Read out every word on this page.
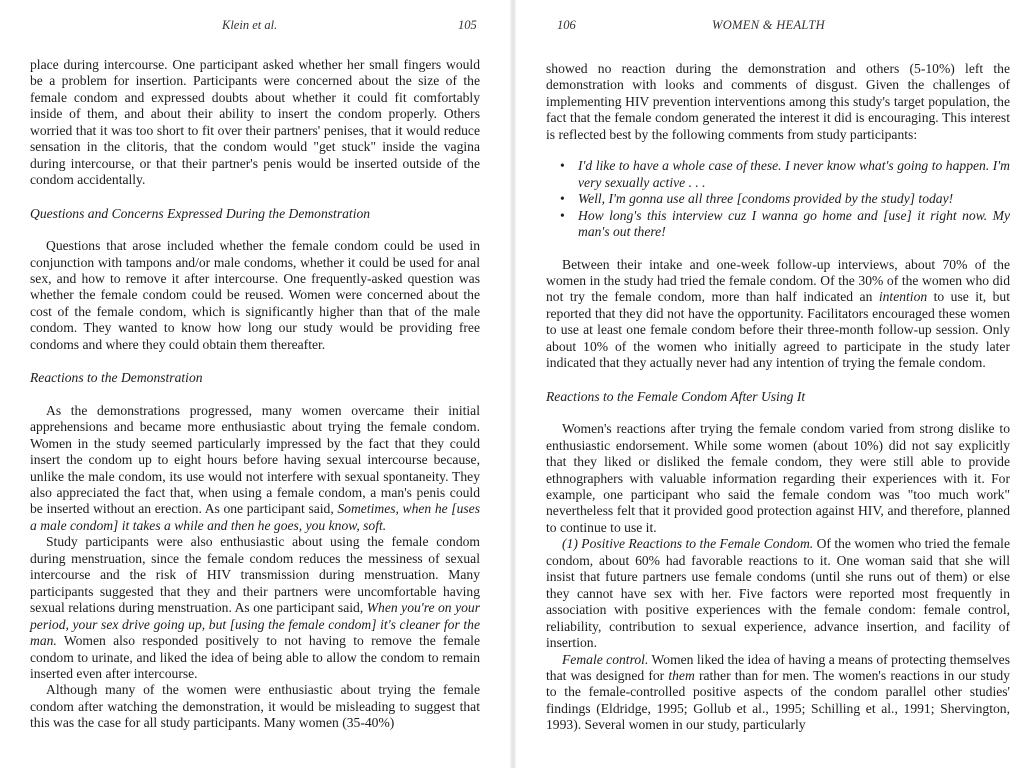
Klein et al.	105

place during intercourse. One participant asked whether her small fingers would be a problem for insertion. Participants were concerned about the size of the female condom and expressed doubts about whether it could fit comfortably inside of them, and about their ability to insert the condom properly. Others worried that it was too short to fit over their partners' penises, that it would reduce sensation in the clitoris, that the condom would "get stuck" inside the vagina during intercourse, or that their partner's penis would be inserted outside of the condom accidentally.

Questions and Concerns Expressed During the Demonstration

Questions that arose included whether the female condom could be used in conjunction with tampons and/or male condoms, whether it could be used for anal sex, and how to remove it after intercourse. One frequently-asked question was whether the female condom could be reused. Women were concerned about the cost of the female condom, which is significantly higher than that of the male condom. They wanted to know how long our study would be providing free condoms and where they could obtain them thereafter.

Reactions to the Demonstration

As the demonstrations progressed, many women overcame their initial apprehensions and became more enthusiastic about trying the female condom. Women in the study seemed particularly impressed by the fact that they could insert the condom up to eight hours before having sexual intercourse because, unlike the male condom, its use would not interfere with sexual spontaneity. They also appreciated the fact that, when using a female condom, a man's penis could be inserted without an erection. As one participant said, Sometimes, when he [uses a male condom] it takes a while and then he goes, you know, soft.

Study participants were also enthusiastic about using the female condom during menstruation, since the female condom reduces the messiness of sexual intercourse and the risk of HIV transmission during menstruation. Many participants suggested that they and their partners were uncomfortable having sexual relations during menstruation. As one participant said, When you're on your period, your sex drive going up, but [using the female condom] it's cleaner for the man. Women also responded positively to not having to remove the female condom to urinate, and liked the idea of being able to allow the condom to remain inserted even after intercourse.

Although many of the women were enthusiastic about trying the female condom after watching the demonstration, it would be misleading to suggest that this was the case for all study participants. Many women (35-40%)

106	WOMEN & HEALTH

showed no reaction during the demonstration and others (5-10%) left the demonstration with looks and comments of disgust. Given the challenges of implementing HIV prevention interventions among this study's target population, the fact that the female condom generated the interest it did is encouraging. This interest is reflected best by the following comments from study participants:

• I'd like to have a whole case of these. I never know what's going to happen. I'm very sexually active . . .
• Well, I'm gonna use all three [condoms provided by the study] today!
• How long's this interview cuz I wanna go home and [use] it right now. My man's out there!

Between their intake and one-week follow-up interviews, about 70% of the women in the study had tried the female condom. Of the 30% of the women who did not try the female condom, more than half indicated an intention to use it, but reported that they did not have the opportunity. Facilitators encouraged these women to use at least one female condom before their three-month follow-up session. Only about 10% of the women who initially agreed to participate in the study later indicated that they actually never had any intention of trying the female condom.

Reactions to the Female Condom After Using It

Women's reactions after trying the female condom varied from strong dislike to enthusiastic endorsement. While some women (about 10%) did not say explicitly that they liked or disliked the female condom, they were still able to provide ethnographers with valuable information regarding their experiences with it. For example, one participant who said the female condom was "too much work" nevertheless felt that it provided good protection against HIV, and therefore, planned to continue to use it.

(1) Positive Reactions to the Female Condom. Of the women who tried the female condom, about 60% had favorable reactions to it. One woman said that she will insist that future partners use female condoms (until she runs out of them) or else they cannot have sex with her. Five factors were reported most frequently in association with positive experiences with the female condom: female control, reliability, contribution to sexual experience, advance insertion, and facility of insertion.

Female control. Women liked the idea of having a means of protecting themselves that was designed for them rather than for men. The women's reactions in our study to the female-controlled positive aspects of the condom parallel other studies' findings (Eldridge, 1995; Gollub et al., 1995; Schilling et al., 1991; Shervington, 1993). Several women in our study, particularly
